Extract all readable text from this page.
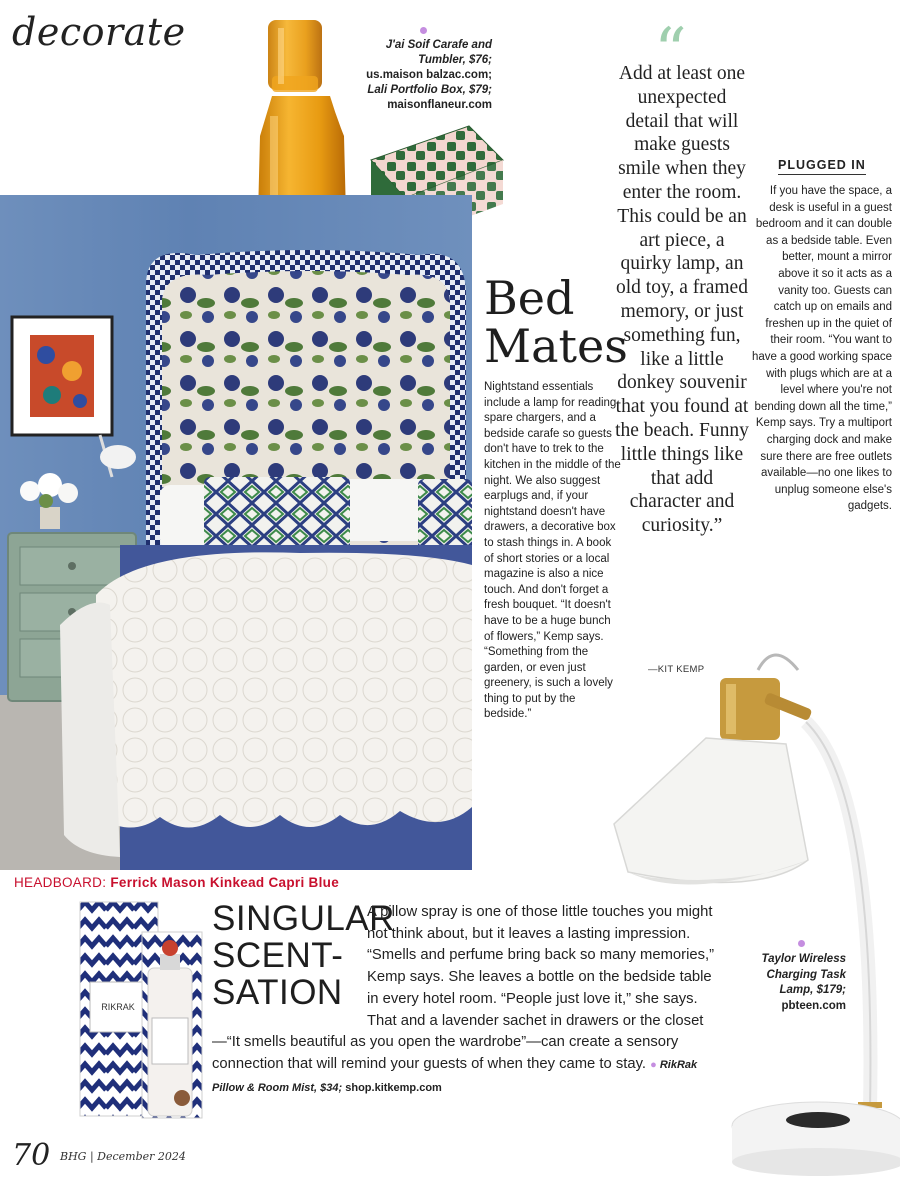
decorate	J'ai Soif Carafe and Tumbler, $76;
us.maison balzac.com;
Lali Portfolio Box, $79;
maisonflaneur.com
Bed
Mates
Nightstand essentials include a lamp for reading, spare chargers, and a bedside carafe so guests don't have to trek to the kitchen in the middle of the night. We also suggest earplugs and, if your nightstand doesn't have drawers, a decorative box to stash things in. A book of short stories or a local magazine is also a nice touch. And don't forget a fresh bouquet. “It doesn't have to be a huge bunch of flowers,” Kemp says. “Something from the garden, or even just greenery, is such a lovely thing to put by the bedside.”
“
Add at least one unexpected detail that will make guests smile when they enter the room. This could be an art piece, a quirky lamp, an old toy, a framed memory, or just something fun, like a little donkey souvenir that you found at the beach. Funny little things like that add character and curiosity.”
—KIT KEMP
PLUGGED IN
If you have the space, a desk is useful in a guest bedroom and it can double as a bedside table. Even better, mount a mirror above it so it acts as a vanity too. Guests can catch up on emails and freshen up in the quiet of their room. “You want to have a good working space with plugs which are at a level where you're not bending down all the time,” Kemp says. Try a multiport charging dock and make sure there are free outlets available—no one likes to unplug someone else's gadgets.
HEADBOARD: Ferrick Mason Kinkead Capri Blue
RIKRAK
SINGULAR
SCENT-
SATION
A pillow spray is one of those little touches you might not think about, but it leaves a lasting impression. “Smells and perfume bring back so many memories,” Kemp says. She leaves a bottle on the bedside table in every hotel room. “People just love it,” she says. That and a lavender sachet in drawers or the closet—“It smells beautiful as you open the wardrobe”—can create a sensory connection that will remind your guests of when they came to stay. ● RikRak Pillow & Room Mist, $34; shop.kitkemp.com
Taylor Wireless Charging Task Lamp, $179;
pbteen.com
70 BHG | December 2024
